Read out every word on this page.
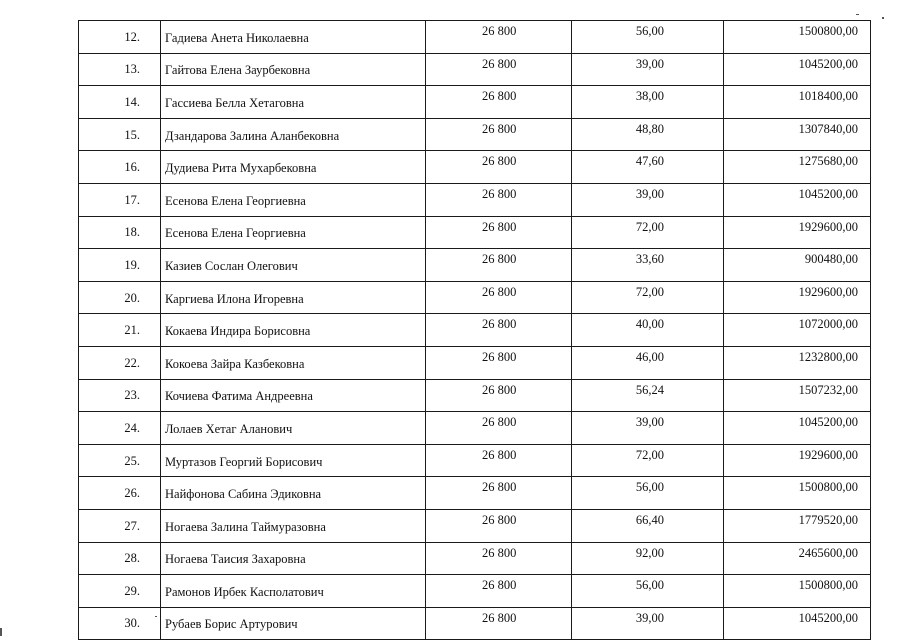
12.	Гадиева Анета Николаевна	26 800	56,00	1500800,00
13.	Гайтова Елена Заурбековна	26 800	39,00	1045200,00
14.	Гассиева Белла Хетаговна	26 800	38,00	1018400,00
15.	Дзандарова Залина Аланбековна	26 800	48,80	1307840,00
16.	Дудиева Рита Мухарбековна	26 800	47,60	1275680,00
17.	Есенова Елена Георгиевна	26 800	39,00	1045200,00
18.	Есенова Елена Георгиевна	26 800	72,00	1929600,00
19.	Казиев Сослан Олегович	26 800	33,60	900480,00
20.	Каргиева Илона Игоревна	26 800	72,00	1929600,00
21.	Кокаева Индира Борисовна	26 800	40,00	1072000,00
22.	Кокоева Зайра Казбековна	26 800	46,00	1232800,00
23.	Кочиева Фатима Андреевна	26 800	56,24	1507232,00
24.	Лолаев Хетаг Аланович	26 800	39,00	1045200,00
25.	Муртазов Георгий Борисович	26 800	72,00	1929600,00
26.	Найфонова Сабина Эдиковна	26 800	56,00	1500800,00
27.	Ногаева Залина Таймуразовна	26 800	66,40	1779520,00
28.	Ногаева Таисия Захаровна	26 800	92,00	2465600,00
29.	Рамонов Ирбек Касполатович	26 800	56,00	1500800,00
30.	Рубаев Борис Артурович	26 800	39,00	1045200,00
